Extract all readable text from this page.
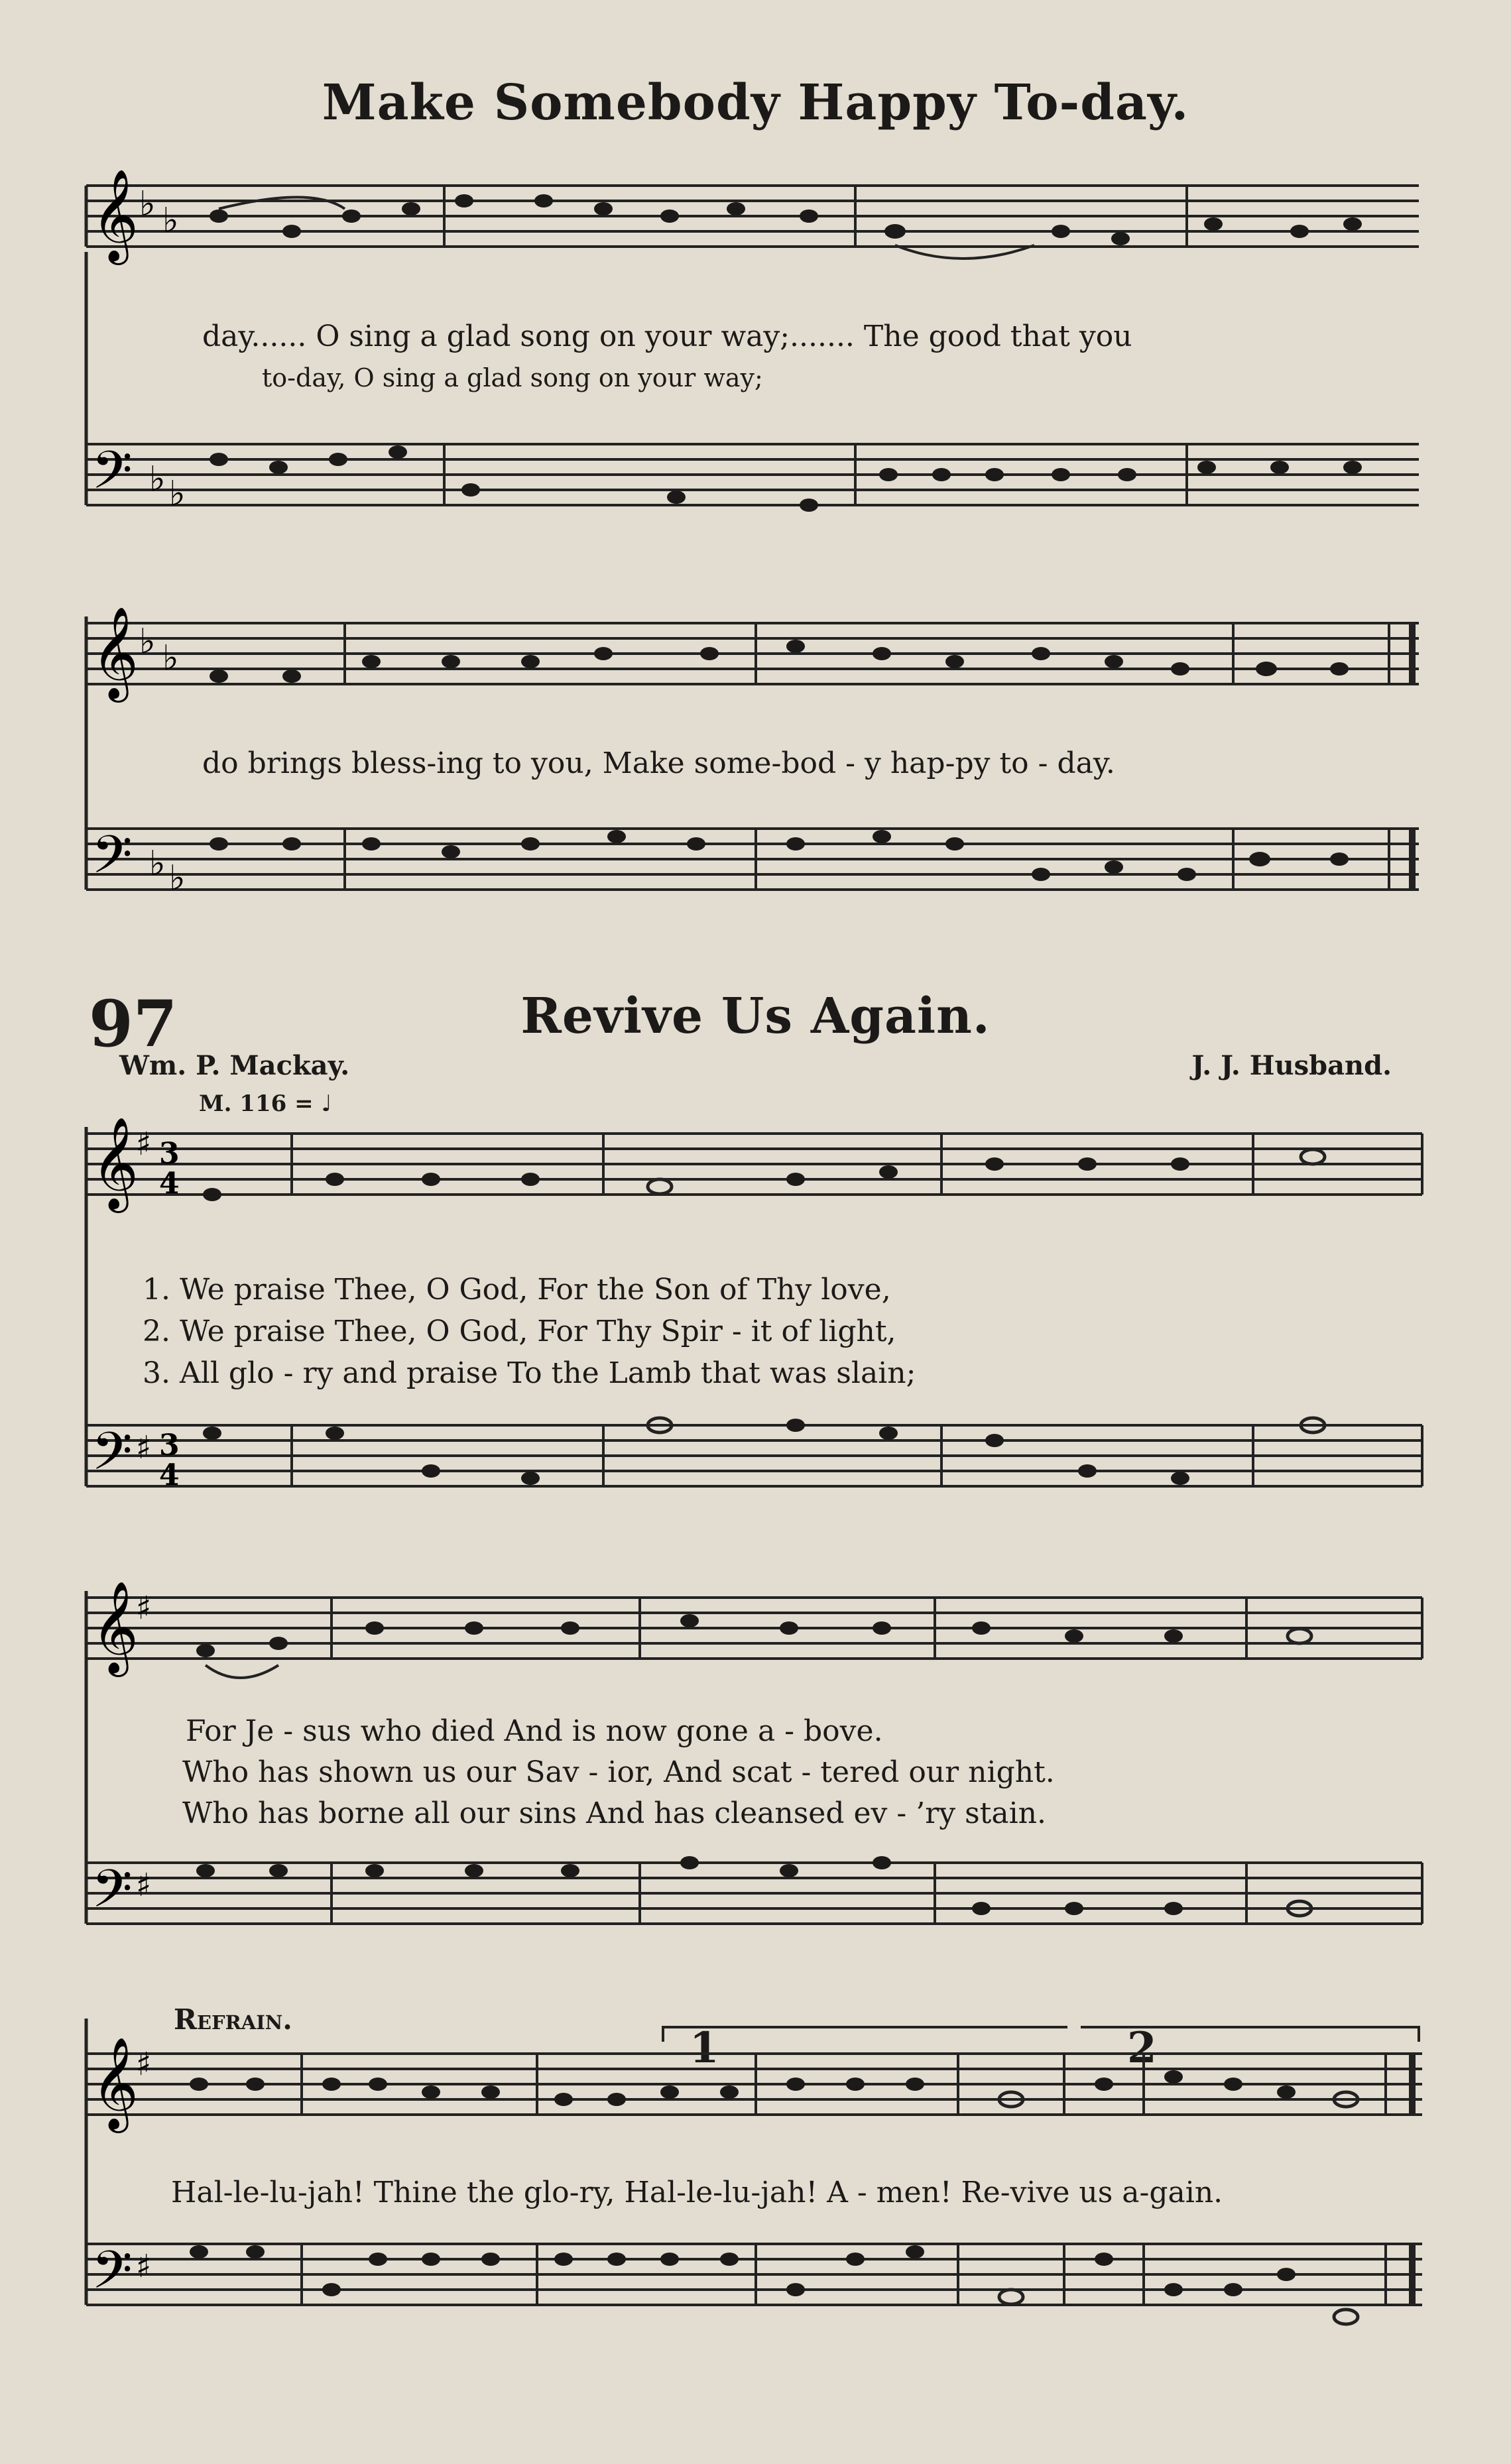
Make Somebody Happy To-day.
𝄞 ♭ ♭
day...... O sing a glad song on your way;....... The good that you
to-day, O sing a glad song on your way;
𝄢 ♭ ♭
𝄞 ♭ ♭
do brings bless-ing to you, Make some-bod - y hap-py to - day.
𝄢 ♭ ♭
97	Revive Us Again.
Wm. P. Mackay.	J. J. Husband.
M. 116 = ♩
𝄞
♯ 3
4
1. We praise Thee, O God, For the Son of Thy love,
2. We praise Thee, O God, For Thy Spir - it of light,
3. All glo - ry and praise To the Lamb that was slain;
𝄢 ♯ 3
4
𝄞
♯
For Je - sus who died And is now gone a - bove.
Who has shown us our Sav - ior, And scat - tered our night.
Who has borne all our sins And has cleansed ev - ’ry stain.
𝄢 ♯
Refrain.
1	2
𝄞
♯
Hal-le-lu-jah! Thine the glo-ry, Hal-le-lu-jah! A - men! Re-vive us a-gain.
𝄢 ♯
